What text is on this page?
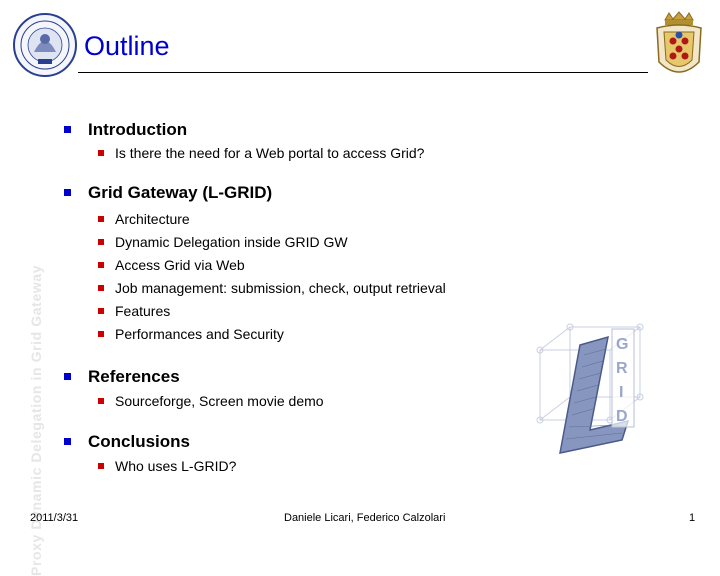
Outline
Proxy Dynamic Delegation in Grid Gateway
Introduction
Is there the need for a Web portal to access Grid?
Grid Gateway (L-GRID)
Architecture
Dynamic Delegation inside GRID GW
Access Grid via Web
Job management: submission, check, output retrieval
Features
Performances and Security
References
Sourceforge, Screen movie demo
Conclusions
Who uses L-GRID?
G
R
I
D
2011/3/31	Daniele Licari, Federico Calzolari	1
